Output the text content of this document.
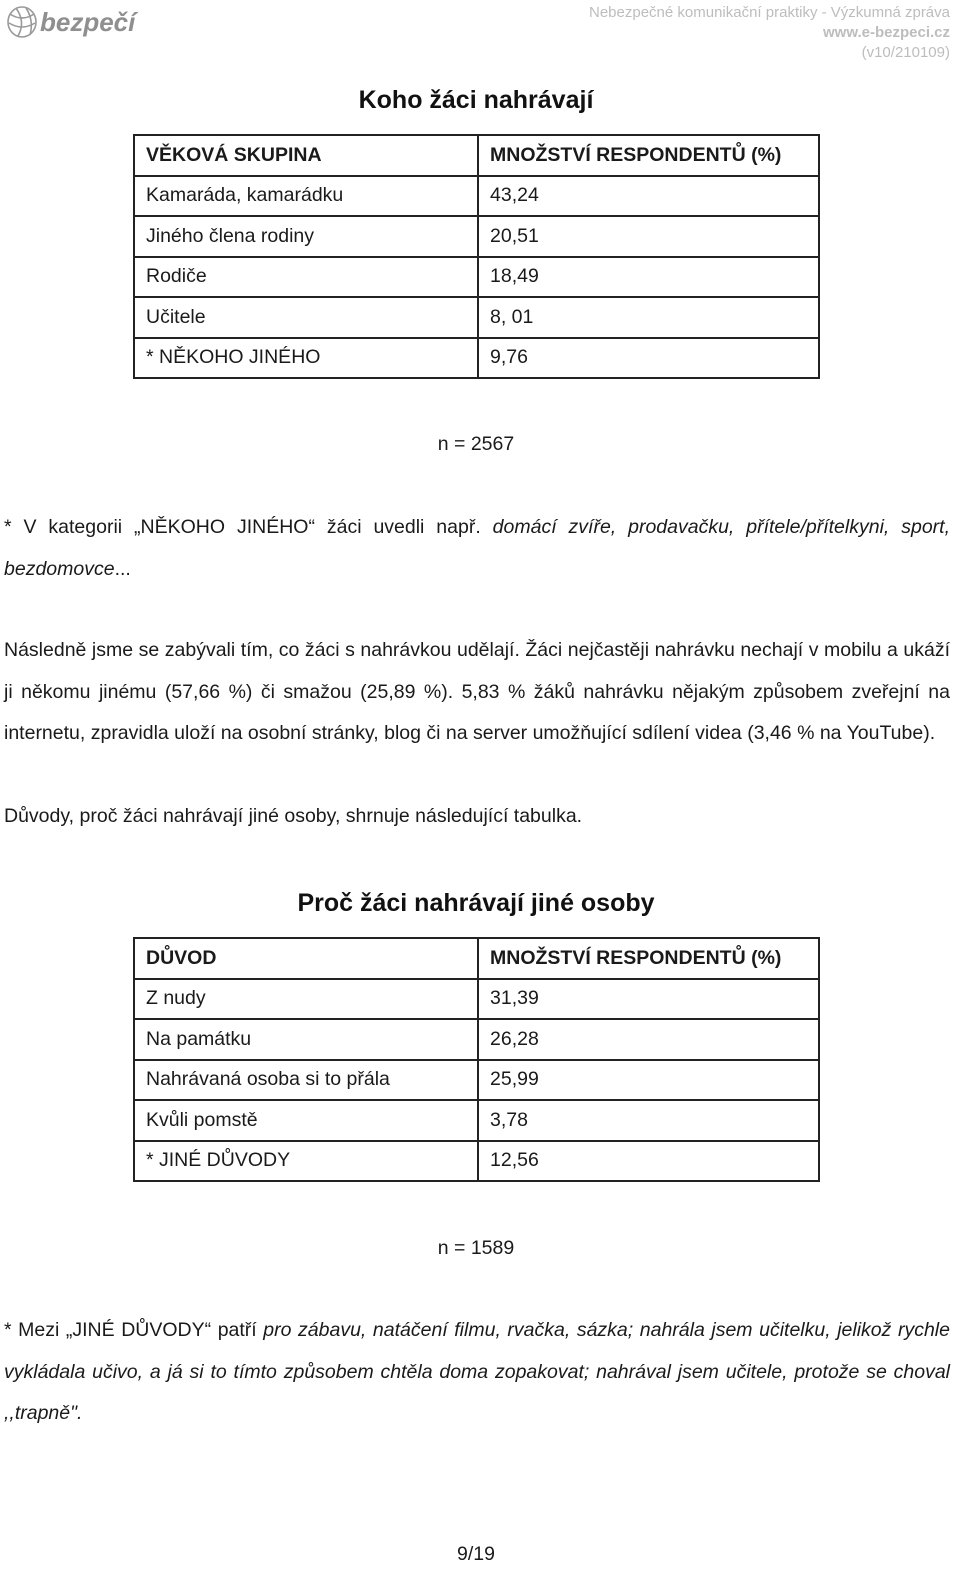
bezpečí	Nebezpečné komunikační praktiky - Výzkumná zpráva
www.e-bezpeci.cz
(v10/210109)
Koho žáci nahrávají
VĚKOVÁ SKUPINA	MNOŽSTVÍ RESPONDENTŮ (%)
Kamaráda, kamarádku	43,24
Jiného člena rodiny	20,51
Rodiče	18,49
Učitele	8, 01
* NĚKOHO JINÉHO	9,76
n = 2567

* V kategorii „NĚKOHO JINÉHO“ žáci uvedli např. domácí zvíře, prodavačku, přítele/přítelkyni, sport, bezdomovce...

Následně jsme se zabývali tím, co žáci s nahrávkou udělají. Žáci nejčastěji nahrávku nechají v mobilu a ukáží ji někomu jinému (57,66 %) či smažou (25,89 %). 5,83 % žáků nahrávku nějakým způsobem zveřejní na internetu, zpravidla uloží na osobní stránky, blog či na server umožňující sdílení videa (3,46 % na YouTube).

Důvody, proč žáci nahrávají jiné osoby, shrnuje následující tabulka.

Proč žáci nahrávají jiné osoby
DŮVOD	MNOŽSTVÍ RESPONDENTŮ (%)
Z nudy	31,39
Na památku	26,28
Nahrávaná osoba si to přála	25,99
Kvůli pomstě	3,78
* JINÉ DŮVODY	12,56
n = 1589

* Mezi „JINÉ DŮVODY“ patří pro zábavu, natáčení filmu, rvačka, sázka; nahrála jsem učitelku, jelikož rychle vykládala učivo, a já si to tímto způsobem chtěla doma zopakovat; nahrával jsem učitele, protože se choval ,,trapně".

9/19
